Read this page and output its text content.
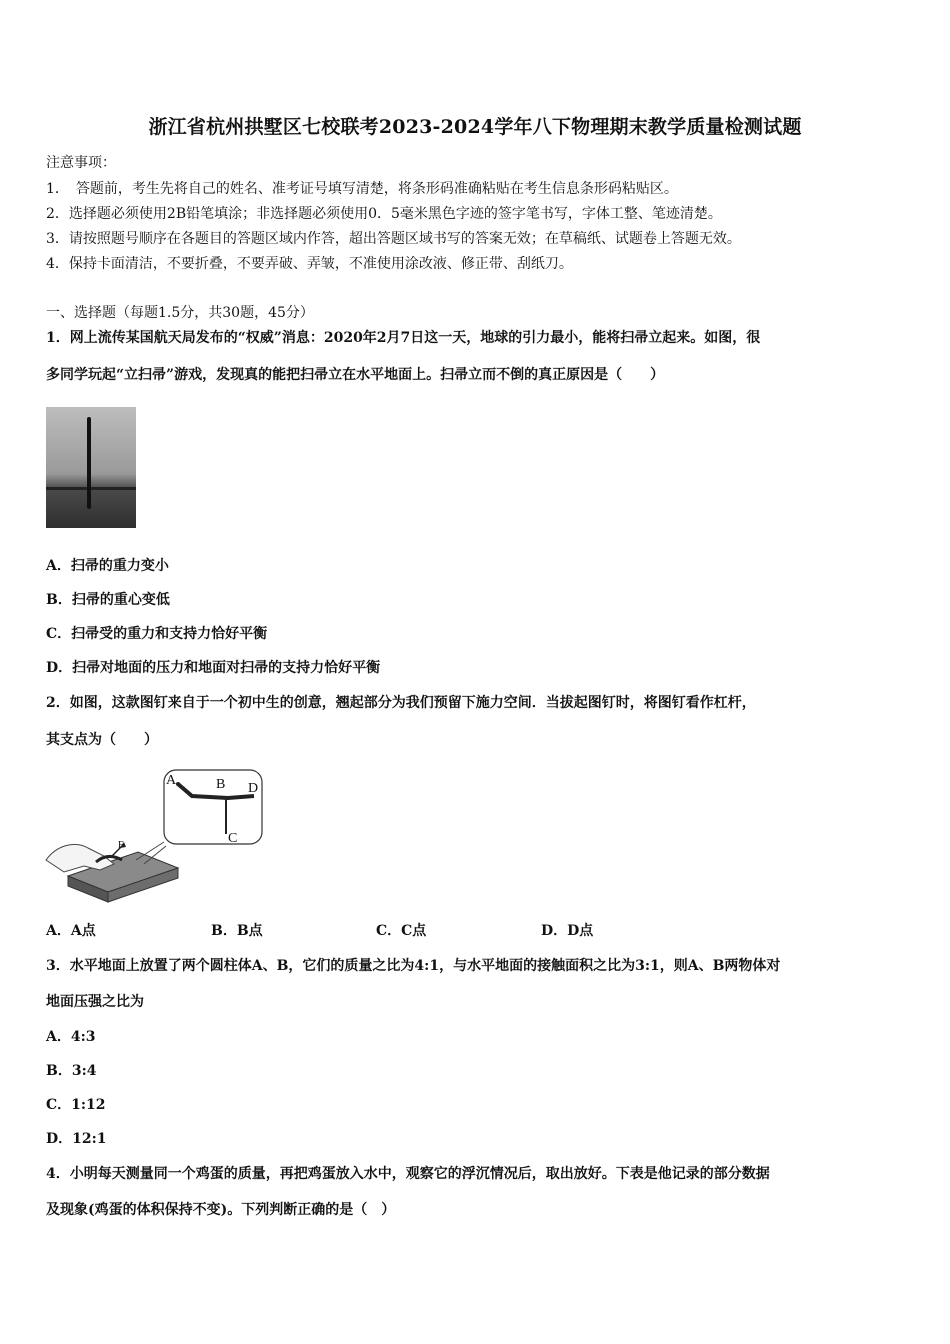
浙江省杭州拱墅区七校联考2023-2024学年八下物理期末教学质量检测试题
注意事项：
1．　答题前，考生先将自己的姓名、准考证号填写清楚，将条形码准确粘贴在考生信息条形码粘贴区。
2．选择题必须使用2B铅笔填涂；非选择题必须使用0．5毫米黑色字迹的签字笔书写，字体工整、笔迹清楚。
3．请按照题号顺序在各题目的答题区域内作答，超出答题区域书写的答案无效；在草稿纸、试题卷上答题无效。
4．保持卡面清洁，不要折叠，不要弄破、弄皱，不准使用涂改液、修正带、刮纸刀。
一、选择题（每题1.5分，共30题，45分）
1．网上流传某国航天局发布的“权威”消息：2020年2月7日这一天，地球的引力最小，能将扫帚立起来。如图，很
多同学玩起“立扫帚”游戏，发现真的能把扫帚立在水平地面上。扫帚立而不倒的真正原因是（　　）
A．扫帚的重力变小
B．扫帚的重心变低
C．扫帚受的重力和支持力恰好平衡
D．扫帚对地面的压力和地面对扫帚的支持力恰好平衡
2．如图，这款图钉来自于一个初中生的创意，翘起部分为我们预留下施力空间．当拔起图钉时，将图钉看作杠杆，
其支点为（　　）
F
A	B
C
D
A．A点	B．B点	C．C点	D．D点
3．水平地面上放置了两个圆柱体A、B，它们的质量之比为4:1，与水平地面的接触面积之比为3:1，则A、B两物体对
地面压强之比为
A．4:3
B．3:4
C．1:12
D．12:1
4．小明每天测量同一个鸡蛋的质量，再把鸡蛋放入水中，观察它的浮沉情况后，取出放好。下表是他记录的部分数据
及现象(鸡蛋的体积保持不变)。下列判断正确的是（　）
